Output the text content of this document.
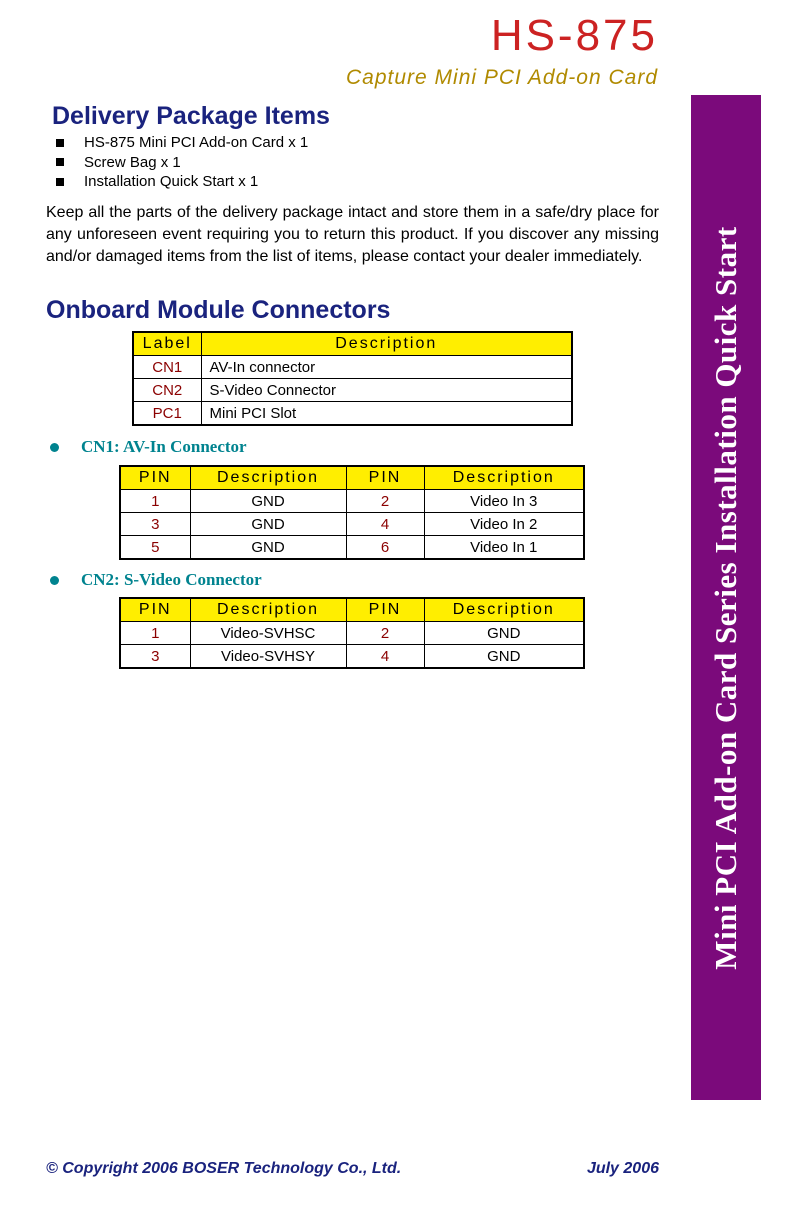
HS-875
Capture Mini PCI Add-on Card
Delivery Package Items
HS-875 Mini PCI Add-on Card x 1
Screw Bag x 1
Installation Quick Start x 1
Keep all the parts of the delivery package intact and store them in a safe/dry place for any unforeseen event requiring you to return this product. If you discover any missing and/or damaged items from the list of items, please contact your dealer immediately.
Onboard Module Connectors
Label	Description
CN1	AV-In connector
CN2	S-Video Connector
PC1	Mini PCI Slot
CN1: AV-In Connector
PIN	Description	PIN	Description
1	GND	2	Video In 3
3	GND	4	Video In 2
5	GND	6	Video In 1
CN2: S-Video Connector
PIN	Description	PIN	Description
1	Video-SVHSC	2	GND
3	Video-SVHSY	4	GND	Mini PCI Add-on Card Series Installation Quick Start
© Copyright 2006 BOSER Technology Co., Ltd.	July 2006
